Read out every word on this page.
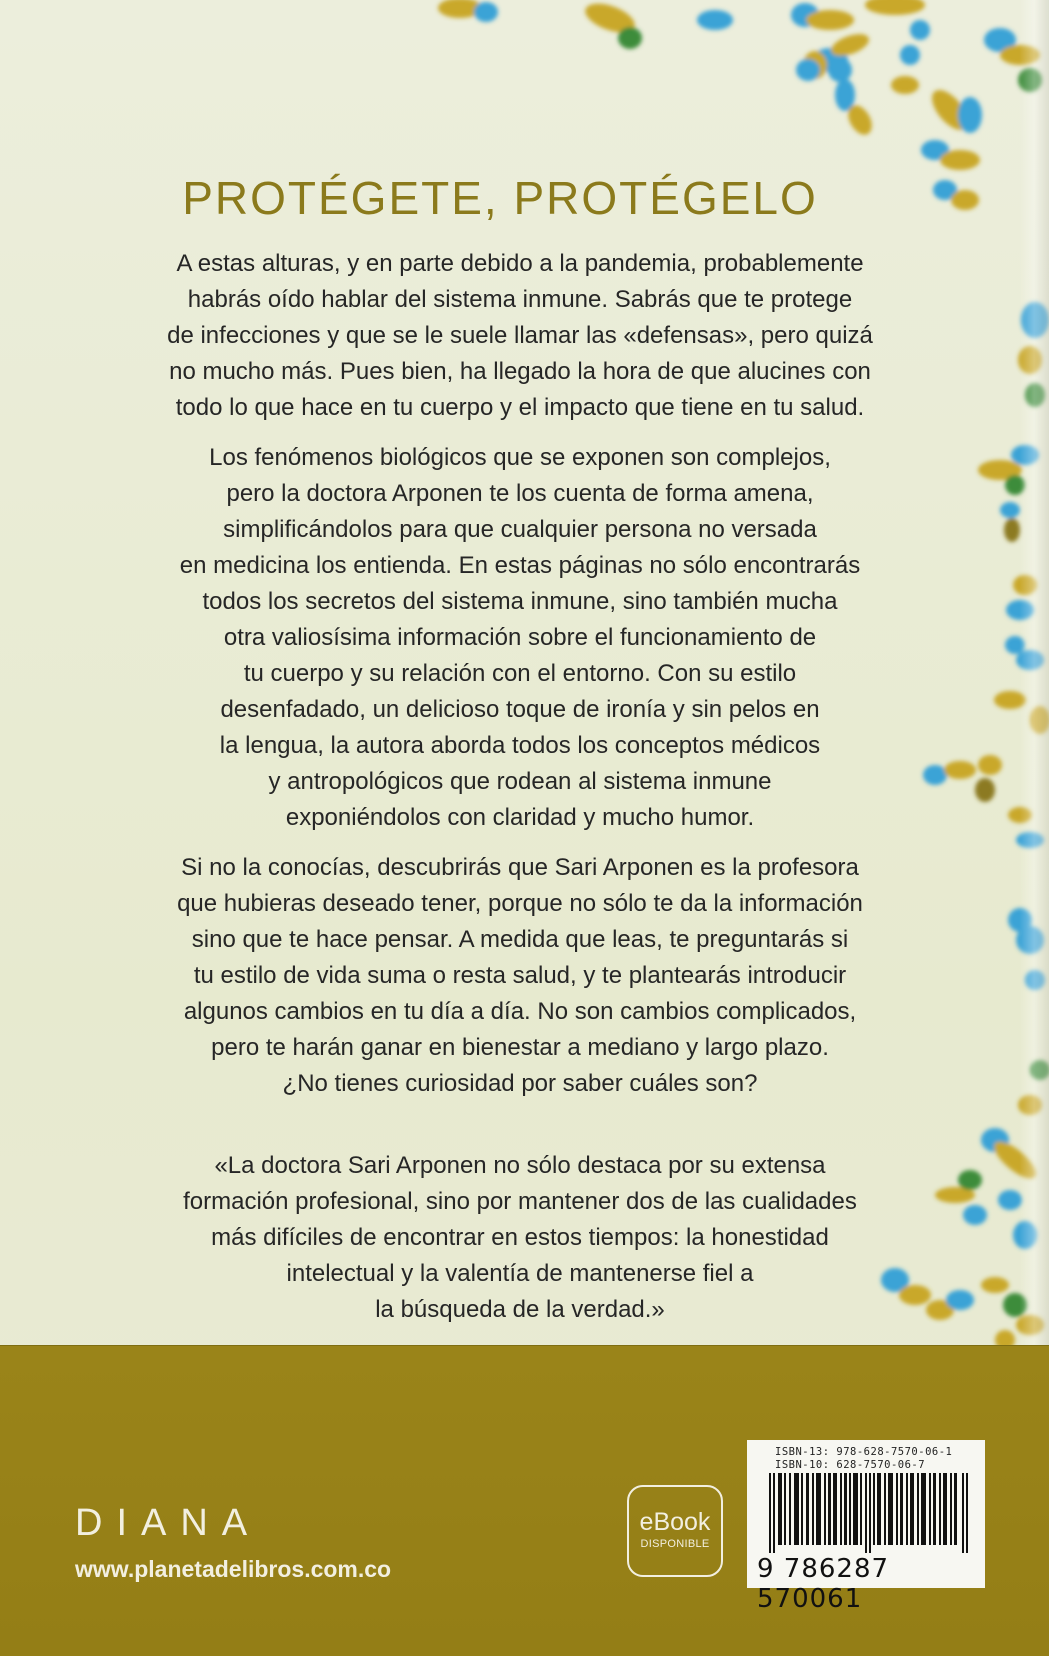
PROTÉGETE, PROTÉGELO
A estas alturas, y en parte debido a la pandemia, probablemente
habrás oído hablar del sistema inmune. Sabrás que te protege
de infecciones y que se le suele llamar las «defensas», pero quizá
no mucho más. Pues bien, ha llegado la hora de que alucines con
todo lo que hace en tu cuerpo y el impacto que tiene en tu salud.
Los fenómenos biológicos que se exponen son complejos,
pero la doctora Arponen te los cuenta de forma amena,
simplificándolos para que cualquier persona no versada
en medicina los entienda. En estas páginas no sólo encontrarás
todos los secretos del sistema inmune, sino también mucha
otra valiosísima información sobre el funcionamiento de
tu cuerpo y su relación con el entorno. Con su estilo
desenfadado, un delicioso toque de ironía y sin pelos en
la lengua, la autora aborda todos los conceptos médicos
y antropológicos que rodean al sistema inmune
exponiéndolos con claridad y mucho humor.
Si no la conocías, descubrirás que Sari Arponen es la profesora
que hubieras deseado tener, porque no sólo te da la información
sino que te hace pensar. A medida que leas, te preguntarás si
tu estilo de vida suma o resta salud, y te plantearás introducir
algunos cambios en tu día a día. No son cambios complicados,
pero te harán ganar en bienestar a mediano y largo plazo.
¿No tienes curiosidad por saber cuáles son?
«La doctora Sari Arponen no sólo destaca por su extensa
formación profesional, sino por mantener dos de las cualidades
más difíciles de encontrar en estos tiempos: la honestidad
intelectual y la valentía de mantenerse fiel a
la búsqueda de la verdad.»
DIANA
www.planetadelibros.com.co
eBook
DISPONIBLE
ISBN-13: 978-628-7570-06-1
ISBN-10: 628-7570-06-7
9 786287 570061
